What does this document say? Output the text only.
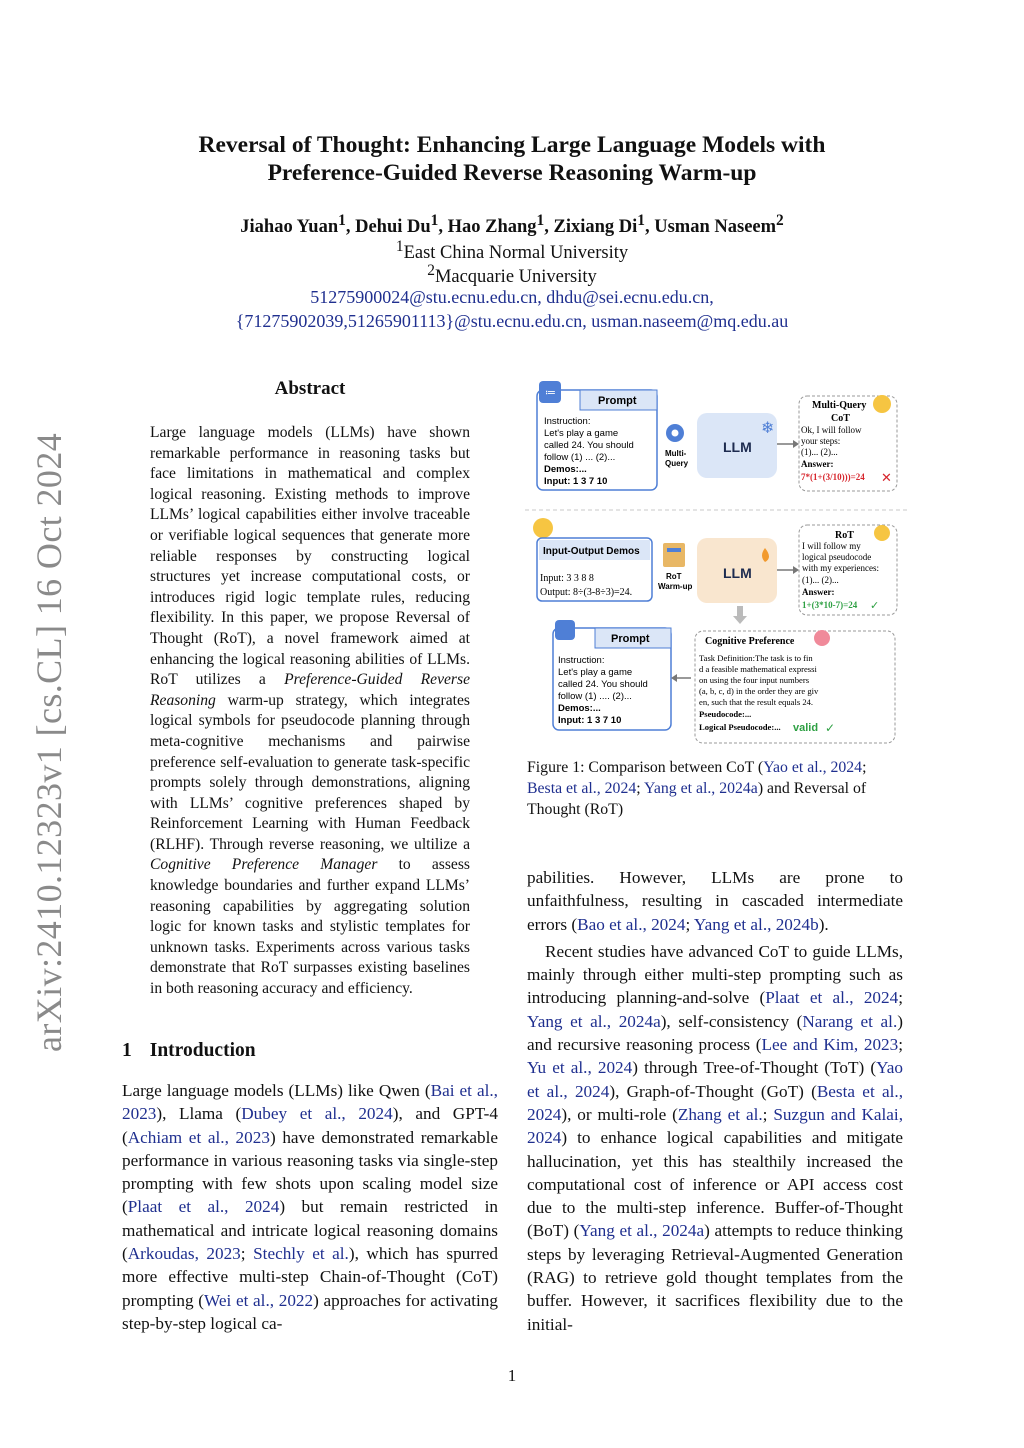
Reversal of Thought: Enhancing Large Language Models with
Preference-Guided Reverse Reasoning Warm-up
Jiahao Yuan$^1$, Dehui Du$^1$, Hao Zhang$^1$, Zixiang Di$^1$, Usman Naseem$^2$
$^1$East China Normal University
$^2$Macquarie University
51275900024@stu.ecnu.edu.cn, dhdu@sei.ecnu.edu.cn,
{71275902039,51265901113}@stu.ecnu.edu.cn, usman.naseem@mq.edu.au
arXiv:2410.12323v1 [cs.CL] 16 Oct 2024
Abstract
Large language models (LLMs) have shown remarkable performance in reasoning tasks but face limitations in mathematical and complex logical reasoning. Existing methods to improve LLMs’ logical capabilities either involve traceable or verifiable logical sequences that generate more reliable responses by constructing logical structures yet increase computational costs, or introduces rigid logic template rules, reducing flexibility. In this paper, we propose Reversal of Thought (RoT), a novel framework aimed at enhancing the logical reasoning abilities of LLMs. RoT utilizes a Preference-Guided Reverse Reasoning warm-up strategy, which integrates logical symbols for pseudocode planning through meta-cognitive mechanisms and pairwise preference self-evaluation to generate task-specific prompts solely through demonstrations, aligning with LLMs’ cognitive preferences shaped by Reinforcement Learning with Human Feedback (RLHF). Through reverse reasoning, we ultilize a Cognitive Preference Manager to assess knowledge boundaries and further expand LLMs’ reasoning capabilities by aggregating solution logic for known tasks and stylistic templates for unknown tasks. Experiments across various tasks demonstrate that RoT surpasses existing baselines in both reasoning accuracy and efficiency.
1 Introduction

Large language models (LLMs) like Qwen (Bai et al., 2023), Llama (Dubey et al., 2024), and GPT-4 (Achiam et al., 2023) have demonstrated remarkable performance in various reasoning tasks via single-step prompting with few shots upon scaling model size (Plaat et al., 2024) but remain restricted in mathematical and intricate logical reasoning domains (Arkoudas, 2023; Stechly et al.), which has spurred more effective multi-step Chain-of-Thought (CoT) prompting (Wei et al., 2022) approaches for activating step-by-step logical ca-

pabilities. However, LLMs are prone to unfaithfulness, resulting in cascaded intermediate errors (Bao et al., 2024; Yang et al., 2024b).

Recent studies have advanced CoT to guide LLMs, mainly through either multi-step prompting such as introducing planning-and-solve (Plaat et al., 2024; Yang et al., 2024a), self-consistency (Narang et al.) and recursive reasoning process (Lee and Kim, 2023; Yu et al., 2024) through Tree-of-Thought (ToT) (Yao et al., 2024), Graph-of-Thought (GoT) (Besta et al., 2024), or multi-role (Zhang et al.; Suzgun and Kalai, 2024) to enhance logical capabilities and mitigate hallucination, yet this has stealthily increased the computational cost of inference or API access cost due to the multi-step inference. Buffer-of-Thought (BoT) (Yang et al., 2024a) attempts to reduce thinking steps by leveraging Retrieval-Augmented Generation (RAG) to retrieve gold thought templates from the buffer. However, it sacrifices flexibility due to the initial-

≔
Prompt
Instruction:
Let's play a game
called 24. You should
follow (1) ... (2)...
Demos:...
Input: 1 3 7 10
Multi-
Query
LLM
❄
Multi-Query
CoT
Ok, I will follow
your steps:
(1)... (2)...
Answer:
7*(1+(3/10)))=24 ✕
Input-Output Demos
Input: 3 3 8 8
Output: 8÷(3-8÷3)=24.
RoT
Warm-up
LLM
RoT
I will follow my
logical pseudocode
with my experiences:
(1)... (2)...
Answer:
1+(3*10-7)=24 ✓
Prompt
Instruction:
Let's play a game
called 24. You should
follow (1) .... (2)...
Demos:...
Input: 1 3 7 10
Cognitive Preference
Task Definition:The task is to fin
d a feasible mathematical expressi
on using the four input numbers
(a, b, c, d) in the order they are giv
en, such that the result equals 24.
Pseudocode:...
Logical Pseudocode:... valid ✓
Figure 1: Comparison between CoT (Yao et al., 2024; Besta et al., 2024; Yang et al., 2024a) and Reversal of Thought (RoT)
1
